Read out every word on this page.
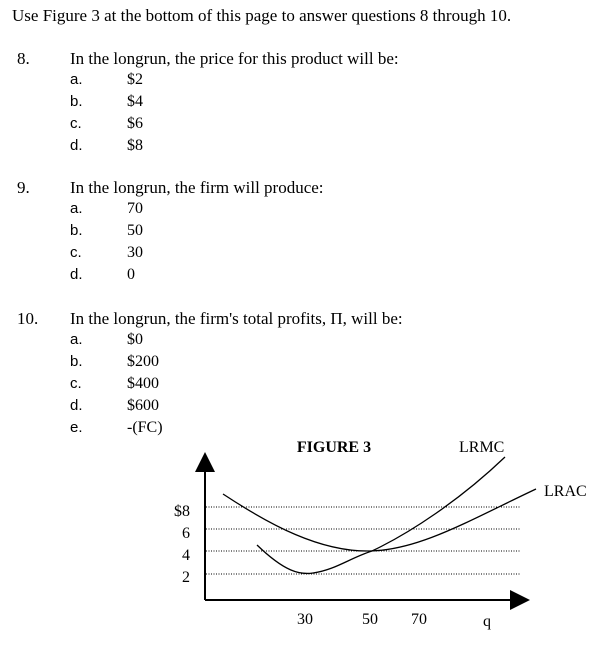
Use Figure 3 at the bottom of this page to answer questions 8 through 10.
8. In the longrun, the price for this product will be:
a.	$2
b.	$4
c.	$6
d.	$8
9. In the longrun, the firm will produce:
a.	70
b.	50
c.	30
d.	0
10. In the longrun, the firm's total profits, Π, will be:
a.	$0
b.	$200
c.	$400
d.	$600
e.	-(FC)
FIGURE 3	LRMC
LRAC
$8
6
4
2
30	50 70	q
